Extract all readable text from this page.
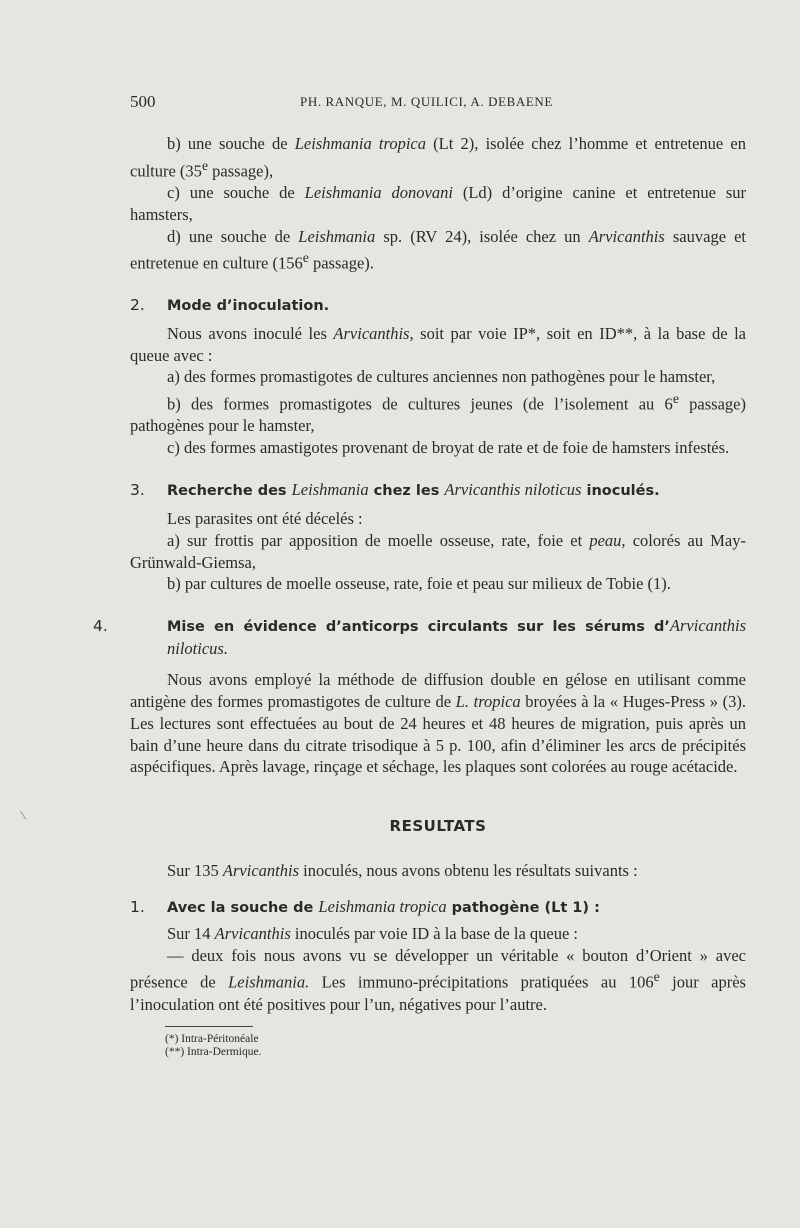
500	PH. RANQUE, M. QUILICI, A. DEBAENE

b) une souche de Leishmania tropica (Lt 2), isolée chez l’homme et entretenue en culture (35e passage),

c) une souche de Leishmania donovani (Ld) d’origine canine et entretenue sur hamsters,

d) une souche de Leishmania sp. (RV 24), isolée chez un Arvicanthis sauvage et entretenue en culture (156e passage).

2. Mode d’inoculation.

Nous avons inoculé les Arvicanthis, soit par voie IP*, soit en ID**, à la base de la queue avec :

a) des formes promastigotes de cultures anciennes non pathogènes pour le hamster,

b) des formes promastigotes de cultures jeunes (de l’isolement au 6e passage) pathogènes pour le hamster,

c) des formes amastigotes provenant de broyat de rate et de foie de hamsters infestés.

3. Recherche des Leishmania chez les Arvicanthis niloticus inoculés.

Les parasites ont été décelés :

a) sur frottis par apposition de moelle osseuse, rate, foie et peau, colorés au May-Grünwald-Giemsa,

b) par cultures de moelle osseuse, rate, foie et peau sur milieux de Tobie (1).

4.	Mise en évidence d’anticorps circulants sur les sérums d’Arvicanthis niloticus.

Nous avons employé la méthode de diffusion double en gélose en utilisant comme antigène des formes promastigotes de culture de L. tropica broyées à la « Huges-Press » (3). Les lectures sont effectuées au bout de 24 heures et 48 heures de migration, puis après un bain d’une heure dans du citrate trisodique à 5 p. 100, afin d’éliminer les arcs de précipités aspécifiques. Après lavage, rinçage et séchage, les plaques sont colorées au rouge acétacide.

RESULTATS

Sur 135 Arvicanthis inoculés, nous avons obtenu les résultats suivants :

1. Avec la souche de Leishmania tropica pathogène (Lt 1) :

Sur 14 Arvicanthis inoculés par voie ID à la base de la queue :

— deux fois nous avons vu se développer un véritable « bouton d’Orient » avec présence de Leishmania. Les immuno-précipitations pratiquées au 106e jour après l’inoculation ont été positives pour l’un, négatives pour l’autre.

(*) Intra-Péritonéale

(**) Intra-Dermique.
